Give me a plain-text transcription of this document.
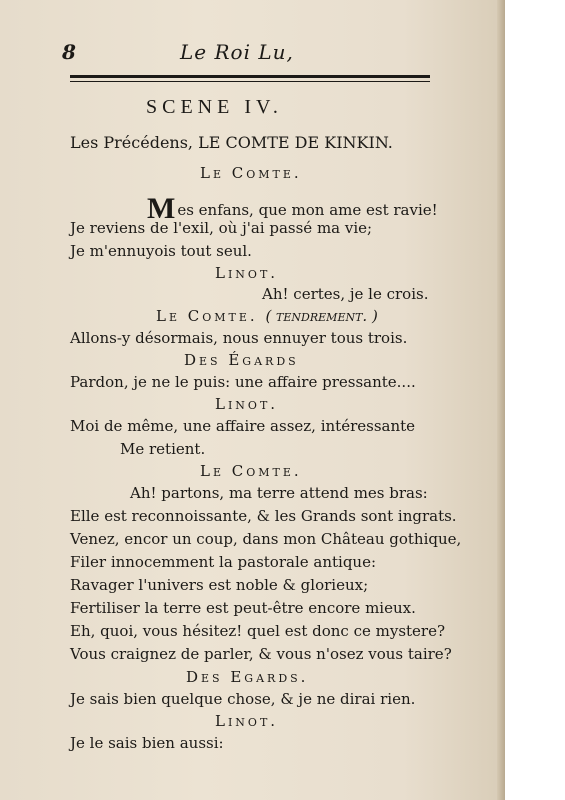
8	Le Roi Lu,
SCENE IV.
Les Précédens, LE COMTE DE KINKIN.
Le Comte.
Mes enfans, que mon ame est ravie!
Je reviens de l'exil, où j'ai passé ma vie;
Je m'ennuyois tout seul.
Linot.
Ah! certes, je le crois.
Le Comte. ( tendrement. )
Allons-y désormais, nous ennuyer tous trois.
Des Égards
Pardon, je ne le puis: une affaire pressante....
Linot.
Moi de même, une affaire assez, intéressante
Me retient.
Le Comte.
Ah! partons, ma terre attend mes bras:
Elle est reconnoissante, & les Grands sont ingrats.
Venez, encor un coup, dans mon Château gothique,
Filer innocemment la pastorale antique:
Ravager l'univers est noble & glorieux;
Fertiliser la terre est peut-être encore mieux.
Eh, quoi, vous hésitez! quel est donc ce mystere?
Vous craignez de parler, & vous n'osez vous taire?
Des Egards.
Je sais bien quelque chose, & je ne dirai rien.
Linot.
Je le sais bien aussi:
